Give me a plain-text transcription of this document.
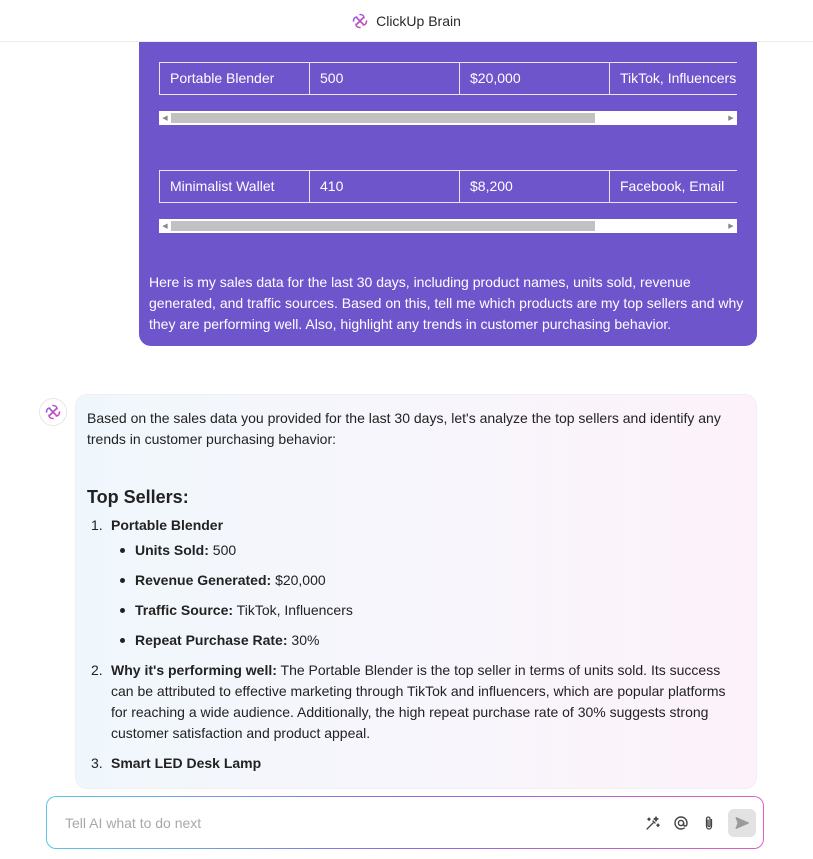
ClickUp Brain
Portable Blender	500	$20,000	TikTok, Influencers
◀	▶
Minimalist Wallet	410	$8,200	Facebook, Email
◀	▶
Here is my sales data for the last 30 days, including product names, units sold, revenue generated, and traffic sources. Based on this, tell me which products are my top sellers and why they are performing well. Also, highlight any trends in customer purchasing behavior.

Based on the sales data you provided for the last 30 days, let's analyze the top sellers and identify any trends in customer purchasing behavior:

Top Sellers:
1. Portable Blender
Units Sold: 500
Revenue Generated: $20,000
Traffic Source: TikTok, Influencers
Repeat Purchase Rate: 30%
2. Why it's performing well: The Portable Blender is the top seller in terms of units sold. Its success can be attributed to effective marketing through TikTok and influencers, which are popular platforms for reaching a wide audience. Additionally, the high repeat purchase rate of 30% suggests strong customer satisfaction and product appeal.
3. Smart LED Desk Lamp
Tell AI what to do next
